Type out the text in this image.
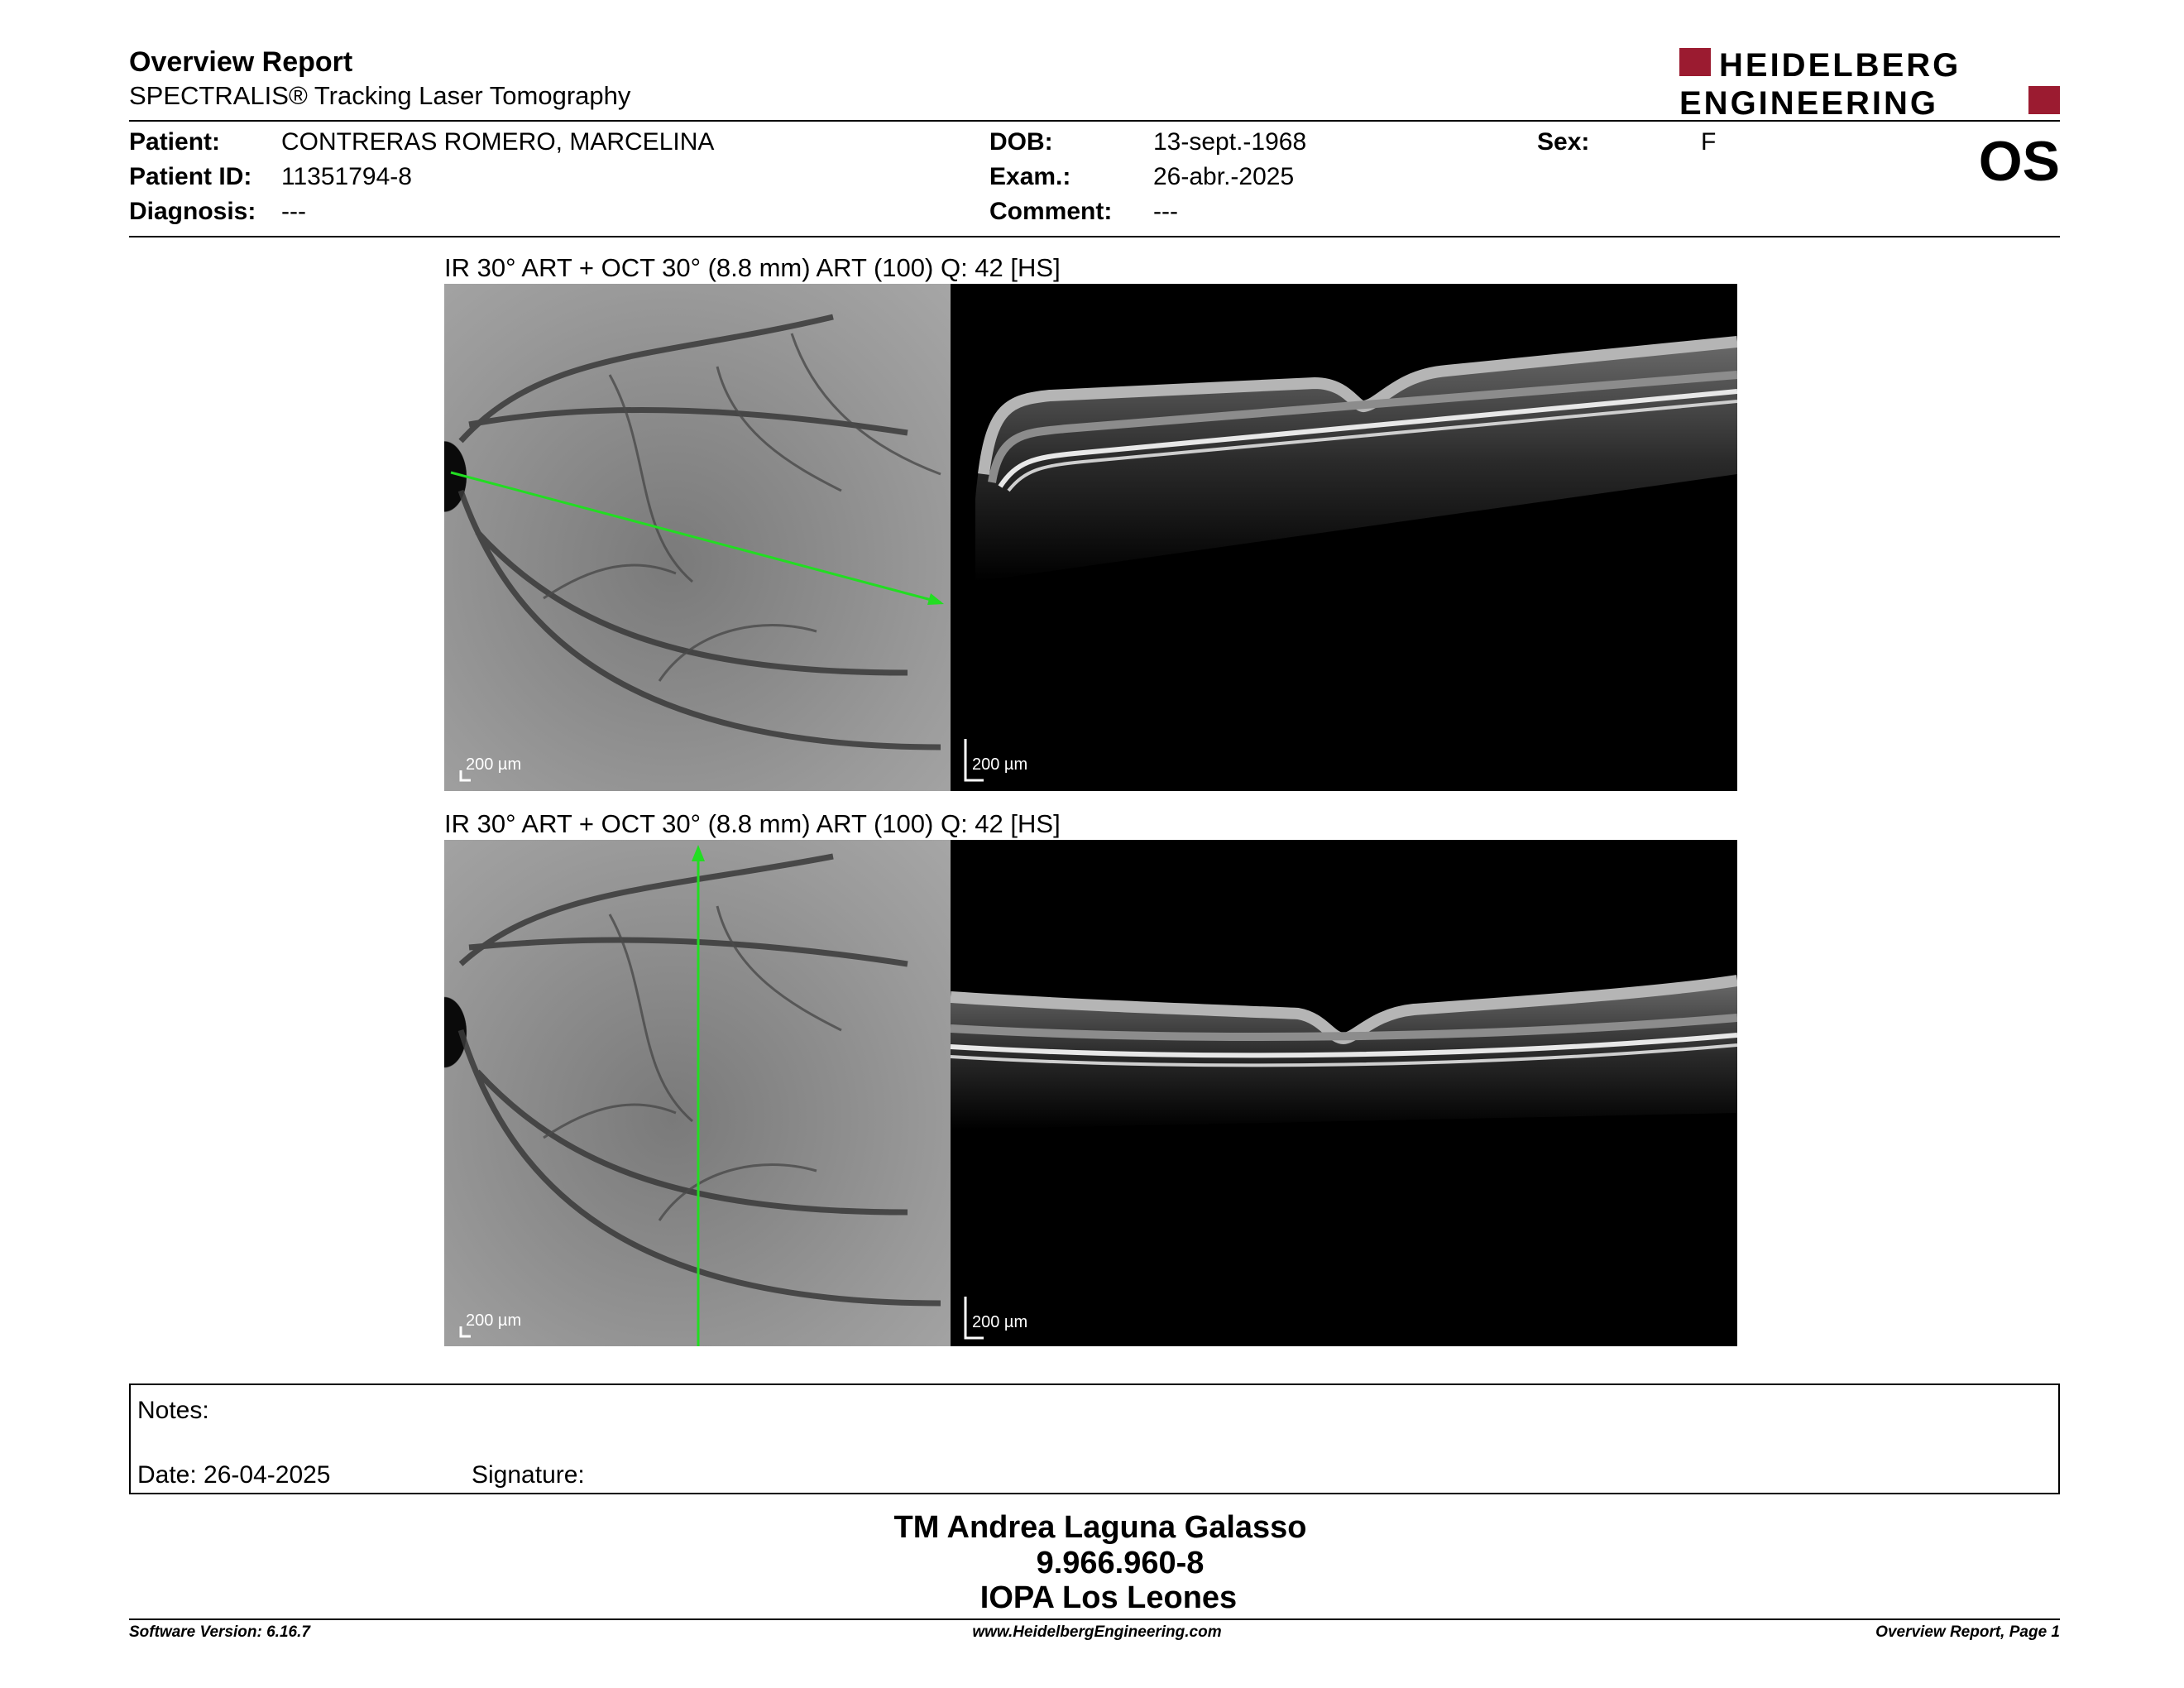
Overview Report
SPECTRALIS® Tracking Laser Tomography
HEIDELBERG
ENGINEERING
Patient: CONTRERAS ROMERO, MARCELINA
Patient ID: 11351794-8
Diagnosis: ---
DOB:	13-sept.-1968
Exam.:	26-abr.-2025
Comment: ---
Sex:	F	OS
IR 30° ART + OCT 30° (8.8 mm) ART (100) Q: 42 [HS]
200 µm	200 µm
IR 30° ART + OCT 30° (8.8 mm) ART (100) Q: 42 [HS]
200 µm	200 µm
Notes:
Date: 26-04-2025	Signature:
TM Andrea Laguna Galasso
9.966.960-8
IOPA Los Leones
Software Version: 6.16.7	www.HeidelbergEngineering.com	Overview Report, Page 1
